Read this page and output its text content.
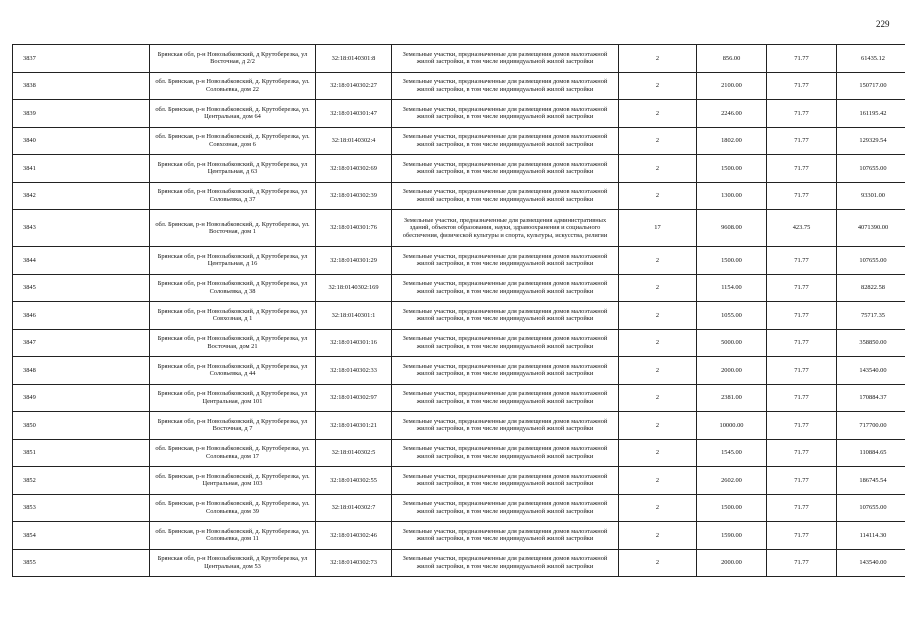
229
3837	Брянская обл, р-н Новозыбковский, д Крутоберезка, ул Восточная, д 2/2	32:18:0140301:8	Земельные участки, предназначенные для размещения домов малоэтажной жилой застройки, в том числе индивидуальной жилой застройки	2	856.00	71.77	61435.12
3838	обл. Брянская, р-н Новозыбковский, д. Крутоберезка, ул. Соловьевка, дом 22	32:18:0140302:27	Земельные участки, предназначенные для размещения домов малоэтажной жилой застройки, в том числе индивидуальной жилой застройки	2	2100.00	71.77	150717.00
3839	обл. Брянская, р-н Новозыбковский, д. Крутоберезка, ул. Центральная, дом 64	32:18:0140301:47	Земельные участки, предназначенные для размещения домов малоэтажной жилой застройки, в том числе индивидуальной жилой застройки	2	2246.00	71.77	161195.42
3840	обл. Брянская, р-н Новозыбковский, д. Крутоберезка, ул. Совхозная, дом 6	32:18:0140302:4	Земельные участки, предназначенные для размещения домов малоэтажной жилой застройки, в том числе индивидуальной жилой застройки	2	1802.00	71.77	129329.54
3841	Брянская обл, р-н Новозыбковский, д Крутоберезка, ул Центральная, д 63	32:18:0140302:69	Земельные участки, предназначенные для размещения домов малоэтажной жилой застройки, в том числе индивидуальной жилой застройки	2	1500.00	71.77	107655.00
3842	Брянская обл, р-н Новозыбковский, д Крутоберезка, ул Соловьевка, д 37	32:18:0140302:39	Земельные участки, предназначенные для размещения домов малоэтажной жилой застройки, в том числе индивидуальной жилой застройки	2	1300.00	71.77	93301.00
3843	обл. Брянская, р-н Новозыбковский, д. Крутоберезка, ул. Восточная, дом 1	32:18:0140301:76	Земельные участки, предназначенные для размещения административных зданий, объектов образования, науки, здравоохранения и социального обеспечения, физической культуры и спорта, культуры, искусства, религии	17	9608.00	423.75	4071390.00
3844	Брянская обл, р-н Новозыбковский, д Крутоберезка, ул Центральная, д 16	32:18:0140301:29	Земельные участки, предназначенные для размещения домов малоэтажной жилой застройки, в том числе индивидуальной жилой застройки	2	1500.00	71.77	107655.00
3845	Брянская обл, р-н Новозыбковский, д Крутоберезка, ул Соловьевка, д 38	32:18:0140302:169	Земельные участки, предназначенные для размещения домов малоэтажной жилой застройки, в том числе индивидуальной жилой застройки	2	1154.00	71.77	82822.58
3846	Брянская обл, р-н Новозыбковский, д Крутоберезка, ул Совхозная, д 1	32:18:0140301:1	Земельные участки, предназначенные для размещения домов малоэтажной жилой застройки, в том числе индивидуальной жилой застройки	2	1055.00	71.77	75717.35
3847	Брянская обл, р-н Новозыбковский, д Крутоберезка, ул Восточная, дом 21	32:18:0140301:16	Земельные участки, предназначенные для размещения домов малоэтажной жилой застройки, в том числе индивидуальной жилой застройки	2	5000.00	71.77	358850.00
3848	Брянская обл, р-н Новозыбковский, д Крутоберезка, ул Соловьевка, д 44	32:18:0140302:33	Земельные участки, предназначенные для размещения домов малоэтажной жилой застройки, в том числе индивидуальной жилой застройки	2	2000.00	71.77	143540.00
3849	Брянская обл, р-н Новозыбковский, д Крутоберезка, ул Центральная, дом 101	32:18:0140302:97	Земельные участки, предназначенные для размещения домов малоэтажной жилой застройки, в том числе индивидуальной жилой застройки	2	2381.00	71.77	170884.37
3850	Брянская обл, р-н Новозыбковский, д Крутоберезка, ул Восточная, д 7	32:18:0140301:21	Земельные участки, предназначенные для размещения домов малоэтажной жилой застройки, в том числе индивидуальной жилой застройки	2	10000.00	71.77	717700.00
3851	обл. Брянская, р-н Новозыбковский, д. Крутоберезка, ул. Соловьевка, дом 17	32:18:0140302:5	Земельные участки, предназначенные для размещения домов малоэтажной жилой застройки, в том числе индивидуальной жилой застройки	2	1545.00	71.77	110884.65
3852	обл. Брянская, р-н Новозыбковский, д. Крутоберезка, ул. Центральная, дом 103	32:18:0140302:55	Земельные участки, предназначенные для размещения домов малоэтажной жилой застройки, в том числе индивидуальной жилой застройки	2	2602.00	71.77	186745.54
3853	обл. Брянская, р-н Новозыбковский, д. Крутоберезка, ул. Соловьевка, дом 39	32:18:0140302:7	Земельные участки, предназначенные для размещения домов малоэтажной жилой застройки, в том числе индивидуальной жилой застройки	2	1500.00	71.77	107655.00
3854	обл. Брянская, р-н Новозыбковский, д. Крутоберезка, ул. Соловьевка, дом 11	32:18:0140302:46	Земельные участки, предназначенные для размещения домов малоэтажной жилой застройки, в том числе индивидуальной жилой застройки	2	1590.00	71.77	114114.30
3855	Брянская обл, р-н Новозыбковский, д Крутоберезка, ул Центральная, дом 53	32:18:0140302:73	Земельные участки, предназначенные для размещения домов малоэтажной жилой застройки, в том числе индивидуальной жилой застройки	2	2000.00	71.77	143540.00
